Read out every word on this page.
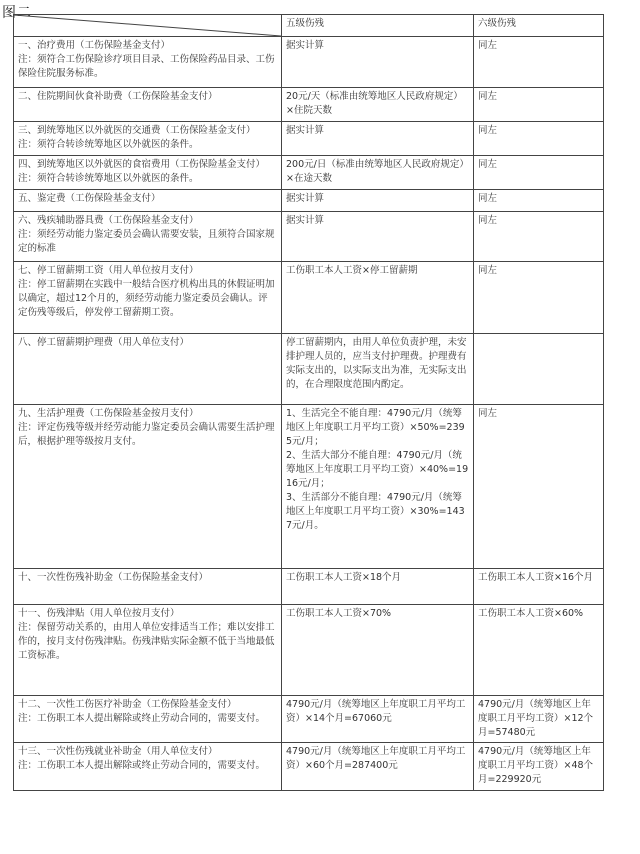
图二
	五级伤残	六级伤残

一、治疗费用（工伤保险基金支付）
注：须符合工伤保险诊疗项目目录、工伤保险药品目录、工伤保险住院服务标准。	据实计算	同左

二、住院期间伙食补助费（工伤保险基金支付）	20元/天（标准由统筹地区人民政府规定）×住院天数	同左

三、到统筹地区以外就医的交通费（工伤保险基金支付）
注：须符合转诊统筹地区以外就医的条件。	据实计算	同左

四、到统筹地区以外就医的食宿费用（工伤保险基金支付）
注：须符合转诊统筹地区以外就医的条件。	200元/日（标准由统筹地区人民政府规定）×在途天数	同左

五、鉴定费（工伤保险基金支付）	据实计算	同左

六、残疾辅助器具费（工伤保险基金支付）
注：须经劳动能力鉴定委员会确认需要安装，且须符合国家规定的标准	据实计算	同左

七、停工留薪期工资（用人单位按月支付）
注：停工留薪期在实践中一般结合医疗机构出具的休假证明加以确定，超过12个月的，须经劳动能力鉴定委员会确认。评定伤残等级后，停发停工留薪期工资。	工伤职工本人工资×停工留薪期	同左

八、停工留薪期护理费（用人单位支付）	停工留薪期内，由用人单位负责护理，未安排护理人员的，应当支付护理费。护理费有实际支出的，以实际支出为准，无实际支出的，在合理限度范围内酌定。	

九、生活护理费（工伤保险基金按月支付）
注：评定伤残等级并经劳动能力鉴定委员会确认需要生活护理后，根据护理等级按月支付。	1、生活完全不能自理：4790元/月（统筹地区上年度职工月平均工资）×50%=2395元/月；
2、生活大部分不能自理：4790元/月（统筹地区上年度职工月平均工资）×40%=1916元/月；
3、生活部分不能自理：4790元/月（统筹地区上年度职工月平均工资）×30%=1437元/月。	同左

十、一次性伤残补助金（工伤保险基金支付）	工伤职工本人工资×18个月	工伤职工本人工资×16个月

十一、伤残津贴（用人单位按月支付）
注：保留劳动关系的，由用人单位安排适当工作；难以安排工作的，按月支付伤残津贴。伤残津贴实际金额不低于当地最低工资标准。	工伤职工本人工资×70%	工伤职工本人工资×60%

十二、一次性工伤医疗补助金（工伤保险基金支付）
注：工伤职工本人提出解除或终止劳动合同的，需要支付。	4790元/月（统筹地区上年度职工月平均工资）×14个月=67060元	4790元/月（统筹地区上年度职工月平均工资）×12个月=57480元

十三、一次性伤残就业补助金（用人单位支付）
注：工伤职工本人提出解除或终止劳动合同的，需要支付。	4790元/月（统筹地区上年度职工月平均工资）×60个月=287400元	4790元/月（统筹地区上年度职工月平均工资）×48个月=229920元
